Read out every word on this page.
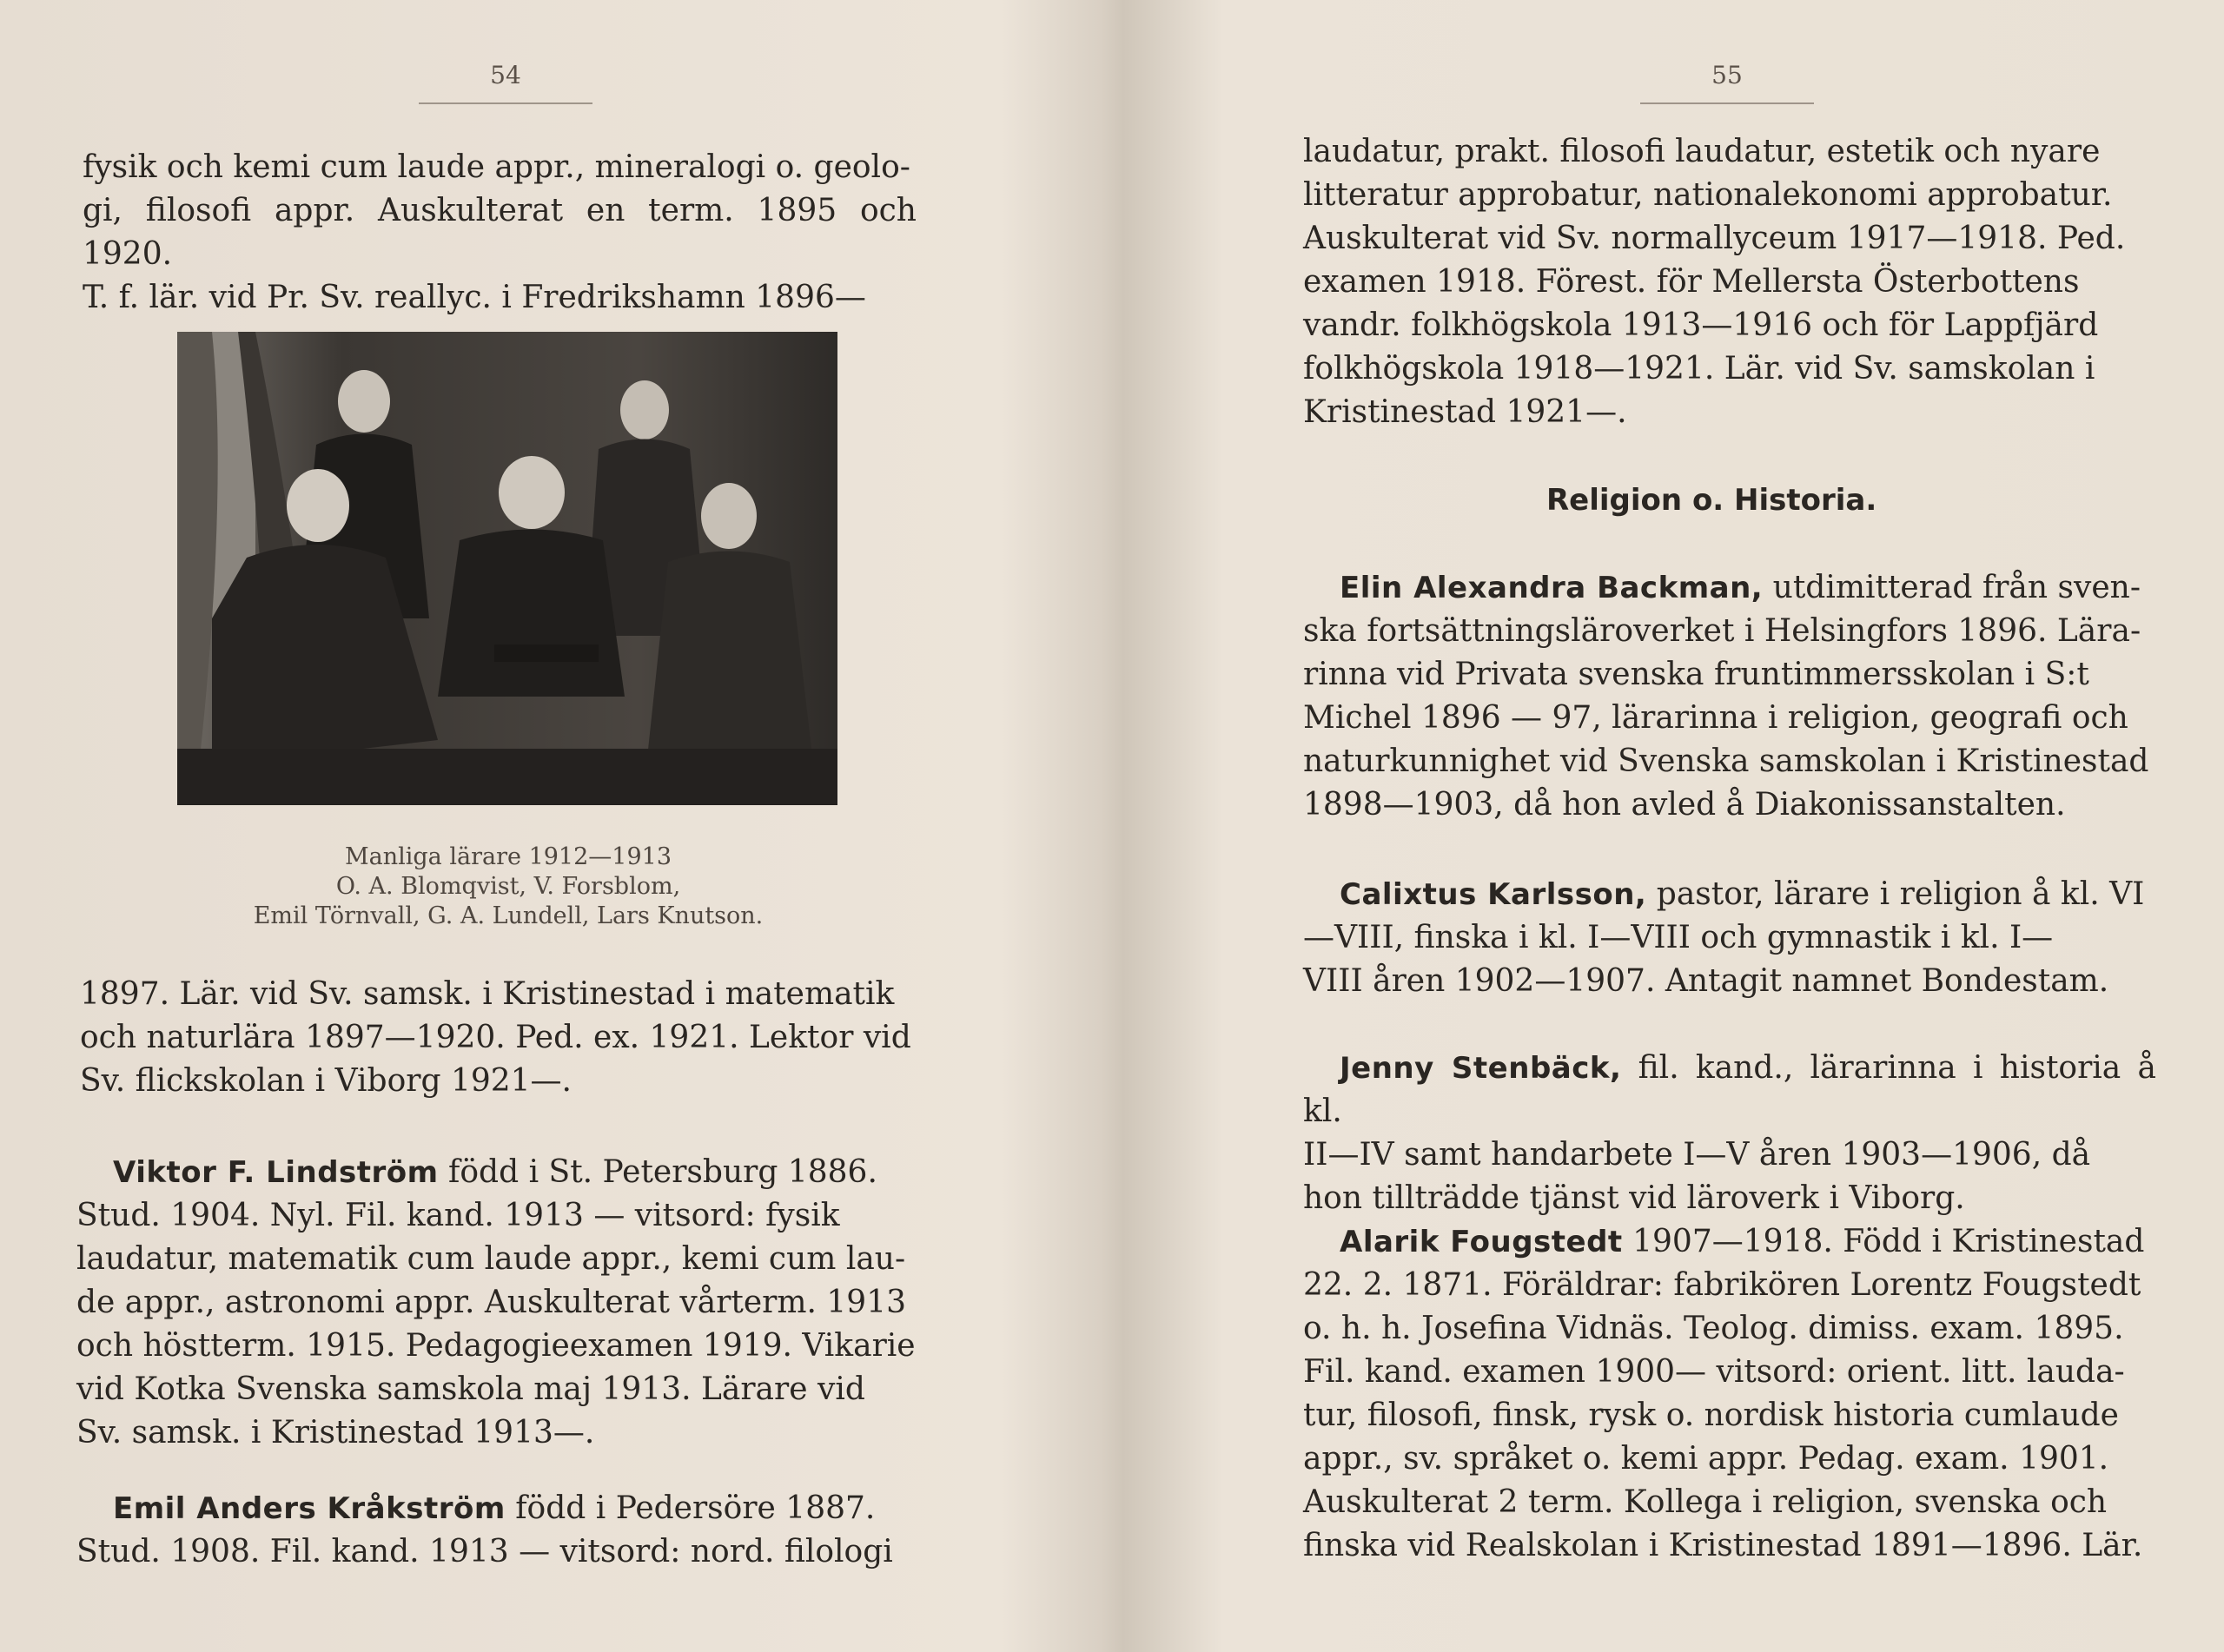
54

fysik och kemi cum laude appr., mineralogi o. geolo-

gi, filosofi appr. Auskulterat en term. 1895 och 1920.

T. f. lär. vid Pr. Sv. reallyc. i Fredrikshamn 1896—

Manliga lärare 1912—1913
O. A. Blomqvist, V. Forsblom,
Emil Törnvall, G. A. Lundell, Lars Knutson.

1897. Lär. vid Sv. samsk. i Kristinestad i matematik

och naturlära 1897—1920. Ped. ex. 1921. Lektor vid

Sv. flickskolan i Viborg 1921—.

Viktor F. Lindström född i St. Petersburg 1886.

Stud. 1904. Nyl. Fil. kand. 1913 — vitsord: fysik

laudatur, matematik cum laude appr., kemi cum lau-

de appr., astronomi appr. Auskulterat vårterm. 1913

och höstterm. 1915. Pedagogieexamen 1919. Vikarie

vid Kotka Svenska samskola maj 1913. Lärare vid

Sv. samsk. i Kristinestad 1913—.

Emil Anders Kråkström född i Pedersöre 1887.

Stud. 1908. Fil. kand. 1913 — vitsord: nord. filologi

55

laudatur, prakt. filosofi laudatur, estetik och nyare

litteratur approbatur, nationalekonomi approbatur.

Auskulterat vid Sv. normallyceum 1917—1918. Ped.

examen 1918. Förest. för Mellersta Österbottens

vandr. folkhögskola 1913—1916 och för Lappfjärd

folkhögskola 1918—1921. Lär. vid Sv. samskolan i

Kristinestad 1921—.

Religion o. Historia.

Elin Alexandra Backman, utdimitterad från sven-

ska fortsättningsläroverket i Helsingfors 1896. Lära-

rinna vid Privata svenska fruntimmersskolan i S:t

Michel 1896 — 97, lärarinna i religion, geografi och

naturkunnighet vid Svenska samskolan i Kristinestad

1898—1903, då hon avled å Diakonissanstalten.

Calixtus Karlsson, pastor, lärare i religion å kl. VI

—VIII, finska i kl. I—VIII och gymnastik i kl. I—

VIII åren 1902—1907. Antagit namnet Bondestam.

Jenny Stenbäck, fil. kand., lärarinna i historia å kl.

II—IV samt handarbete I—V åren 1903—1906, då

hon tillträdde tjänst vid läroverk i Viborg.

Alarik Fougstedt 1907—1918. Född i Kristinestad

22. 2. 1871. Föräldrar: fabrikören Lorentz Fougstedt

o. h. h. Josefina Vidnäs. Teolog. dimiss. exam. 1895.

Fil. kand. examen 1900— vitsord: orient. litt. lauda-

tur, filosofi, finsk, rysk o. nordisk historia cumlaude

appr., sv. språket o. kemi appr. Pedag. exam. 1901.

Auskulterat 2 term. Kollega i religion, svenska och

finska vid Realskolan i Kristinestad 1891—1896. Lär.
